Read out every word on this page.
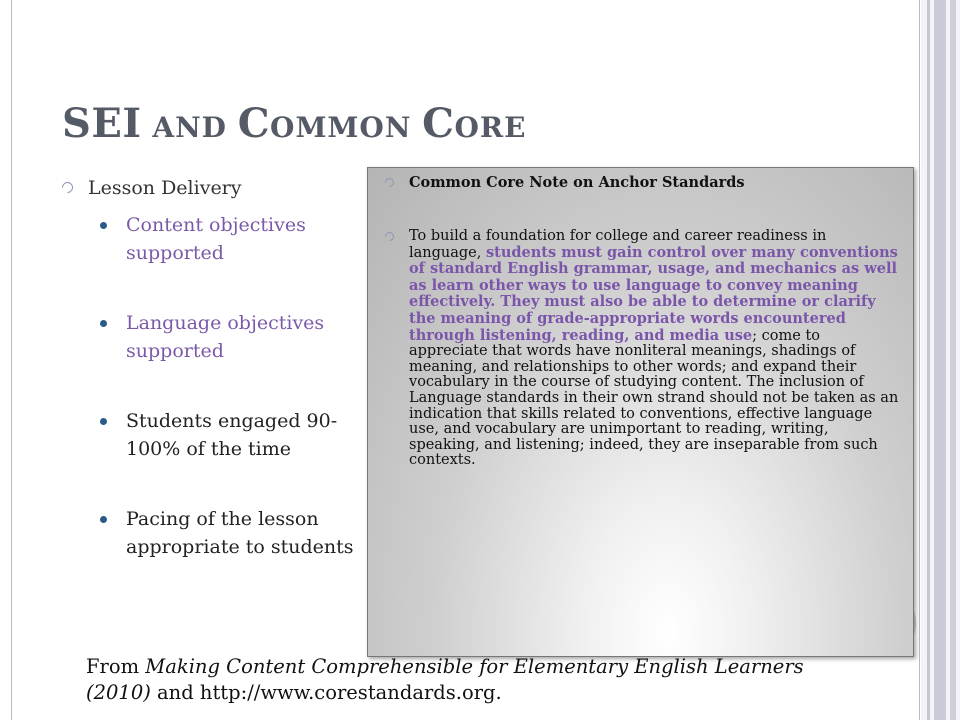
SEI AND COMMON CORE
Lesson Delivery
Content objectives supported
Language objectives supported
Students engaged 90-100% of the time
Pacing of the lesson appropriate to students
Common Core Note on Anchor Standards
To build a foundation for college and career readiness in language, students must gain control over many conventions of standard English grammar, usage, and mechanics as well as learn other ways to use language to convey meaning effectively. They must also be able to determine or clarify the meaning of grade-appropriate words encountered through listening, reading, and media use; come to appreciate that words have nonliteral meanings, shadings of meaning, and relationships to other words; and expand their vocabulary in the course of studying content. The inclusion of Language standards in their own strand should not be taken as an indication that skills related to conventions, effective language use, and vocabulary are unimportant to reading, writing, speaking, and listening; indeed, they are inseparable from such contexts.

From Making Content Comprehensible for Elementary English Learners (2010) and http://www.corestandards.org.
